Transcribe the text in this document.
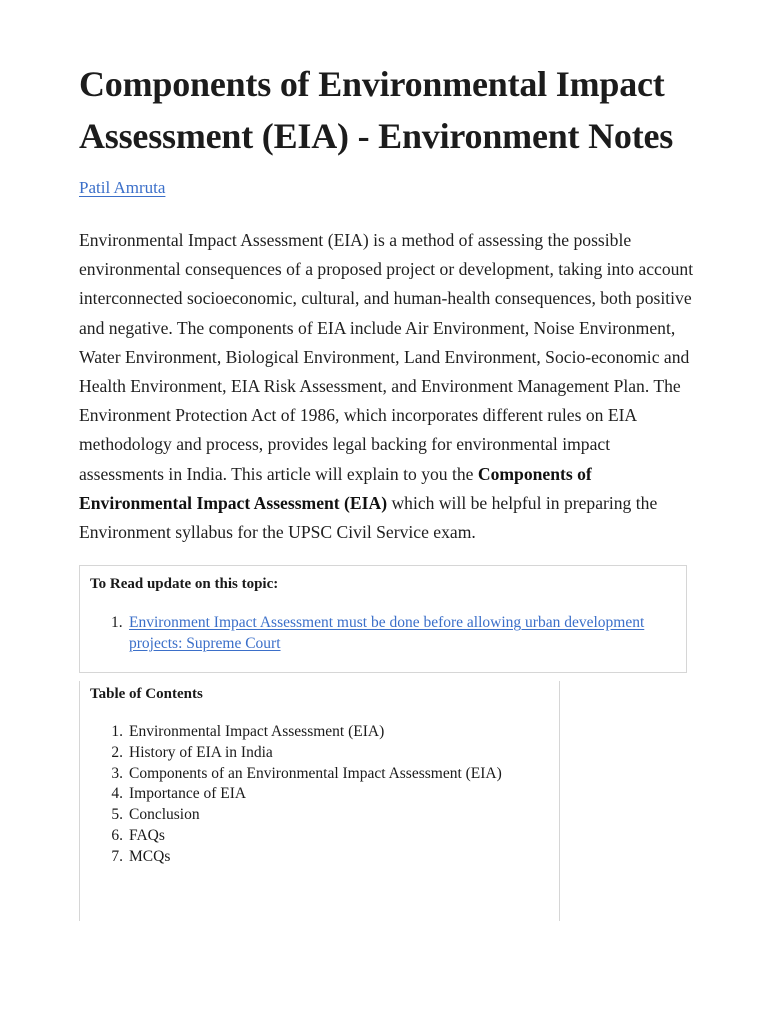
Components of Environmental Impact Assessment (EIA) - Environment Notes
Patil Amruta

Environmental Impact Assessment (EIA) is a method of assessing the possible environmental consequences of a proposed project or development, taking into account interconnected socioeconomic, cultural, and human-health consequences, both positive and negative. The components of EIA include Air Environment, Noise Environment, Water Environment, Biological Environment, Land Environment, Socio-economic and Health Environment, EIA Risk Assessment, and Environment Management Plan. The Environment Protection Act of 1986, which incorporates different rules on EIA methodology and process, provides legal backing for environmental impact assessments in India. This article will explain to you the Components of Environmental Impact Assessment (EIA) which will be helpful in preparing the Environment syllabus for the UPSC Civil Service exam.

To Read update on this topic:
1. Environment Impact Assessment must be done before allowing urban development projects: Supreme Court
Table of Contents
1. Environmental Impact Assessment (EIA)
2. History of EIA in India
3. Components of an Environmental Impact Assessment (EIA)
4. Importance of EIA
5. Conclusion
6. FAQs
7. MCQs
